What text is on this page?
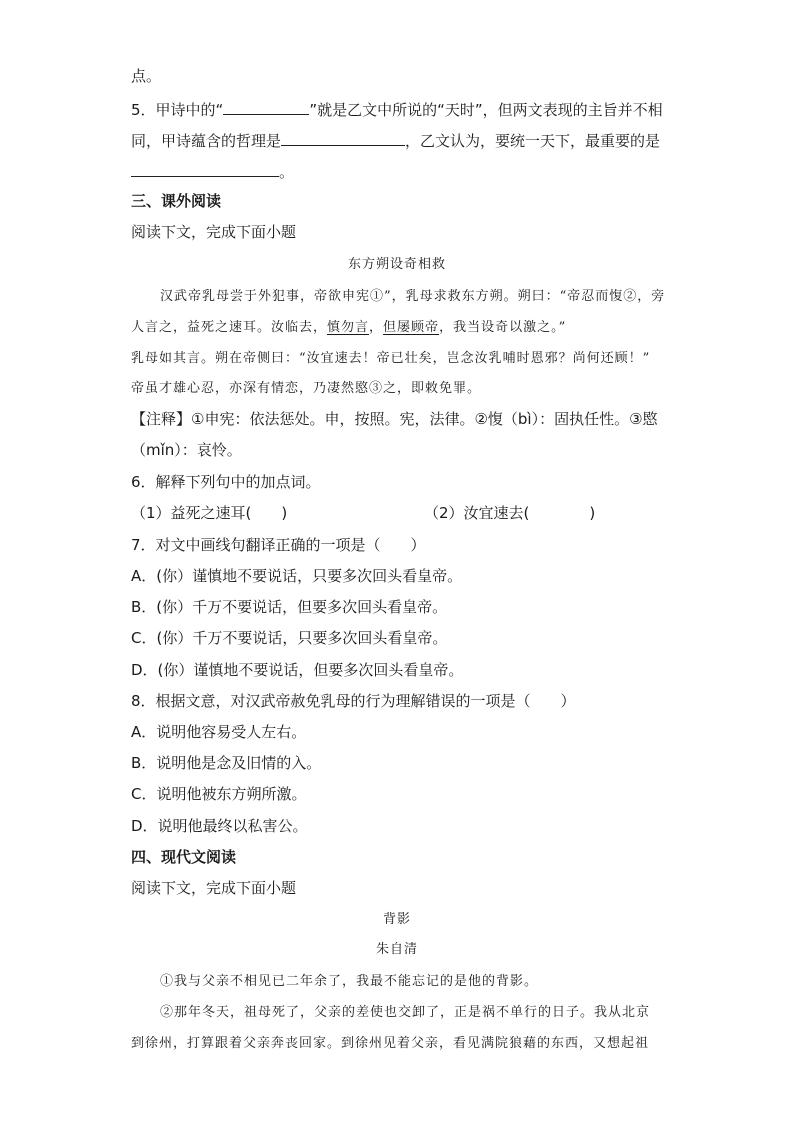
点。
5．甲诗中的“	”就是乙文中所说的“天时”，但两文表现的主旨并不相
同，甲诗蕴含的哲理是	，乙文认为，要统一天下，最重要的是
。
三、课外阅读
阅读下文，完成下面小题
东方朔设奇相救
汉武帝乳母尝于外犯事，帝欲申宪①”，乳母求救东方朔。朔曰：“帝忍而愎②，旁
人言之，益死之速耳。汝临去，慎勿言，但屡顾帝，我当设奇以激之。”
乳母如其言。朔在帝侧曰：“汝宜速去！帝已壮矣，岂念汝乳哺时恩邪？尚何还顾！”
帝虽才雄心忍，亦深有情恋，乃凄然愍③之，即敕免罪。
【注释】①申宪：依法惩处。申，按照。宪，法律。②愎（bì）：固执任性。③愍
（mǐn）：哀怜。
6．解释下列句中的加点词。
（1）益死之速耳(　　)	（2）汝宜速去(　　　　)
7．对文中画线句翻译正确的一项是（　　）
A．(你）谨慎地不要说话，只要多次回头看皇帝。
B．(你）千万不要说话，但要多次回头看皇帝。
C．(你）千万不要说话，只要多次回头看皇帝。
D．(你）谨慎地不要说话，但要多次回头看皇帝。
8．根据文意，对汉武帝赦免乳母的行为理解错误的一项是（　　）
A．说明他容易受人左右。
B．说明他是念及旧情的入。
C．说明他被东方朔所激。
D．说明他最终以私害公。
四、现代文阅读
阅读下文，完成下面小题
背影
朱自清
①我与父亲不相见已二年余了，我最不能忘记的是他的背影。
②那年冬天，祖母死了，父亲的差使也交卸了，正是祸不单行的日子。我从北京
到徐州，打算跟着父亲奔丧回家。到徐州见着父亲，看见满院狼藉的东西，又想起祖
